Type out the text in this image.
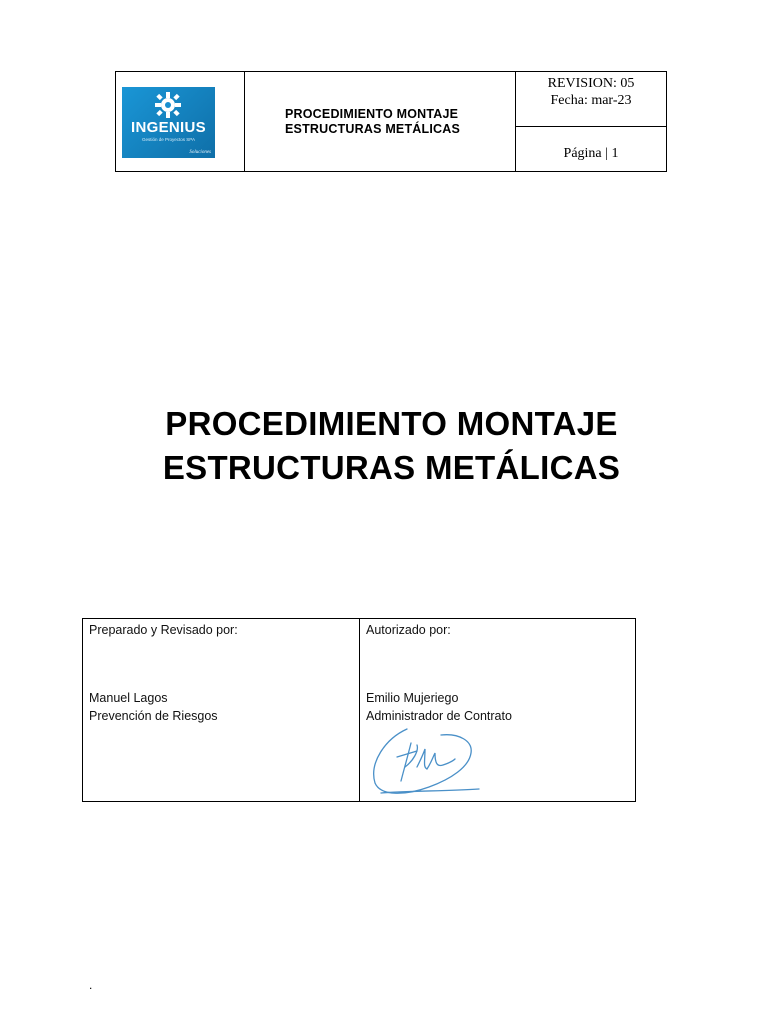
INGENIUS
Gestión de Proyectos SPA
Soluciones
PROCEDIMIENTO MONTAJE
ESTRUCTURAS METÁLICAS
REVISION: 05
Fecha: mar-23
Página | 1
PROCEDIMIENTO MONTAJE
ESTRUCTURAS METÁLICAS
Preparado y Revisado por:
Manuel Lagos
Prevención de Riesgos
Autorizado por:
Emilio Mujeriego
Administrador de Contrato
.
